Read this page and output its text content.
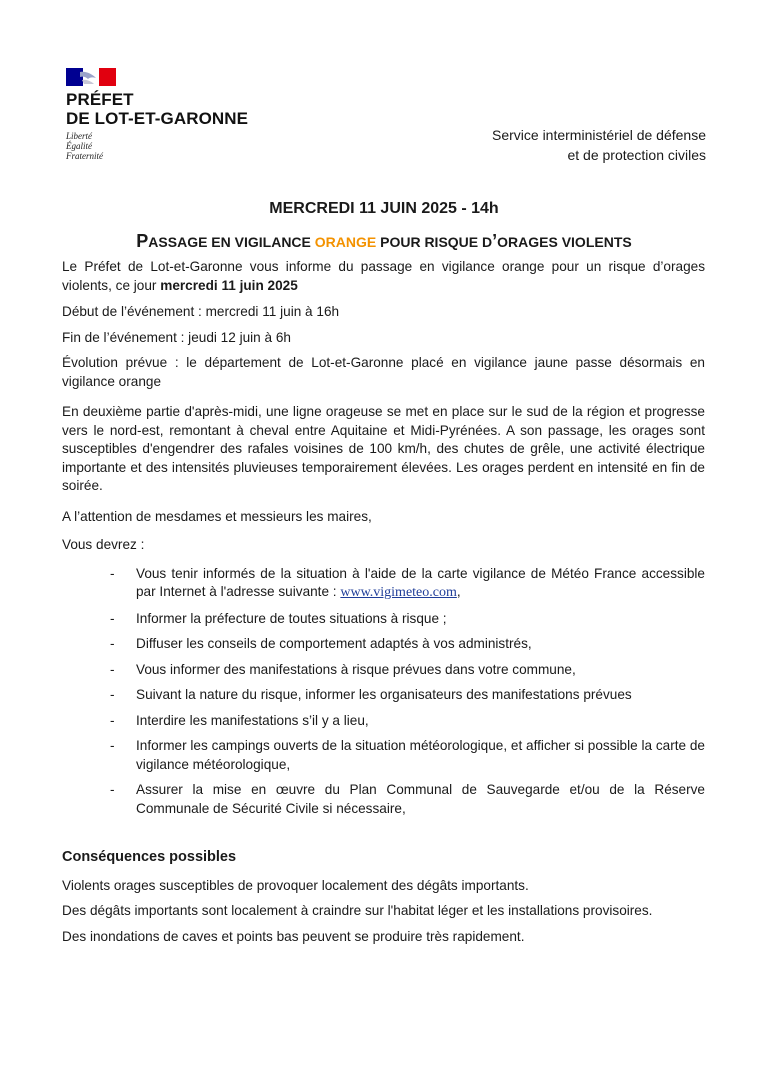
PRÉFET
DE LOT-ET-GARONNE
Liberté
Égalité
Fraternité
Service interministériel de défense
et de protection civiles
MERCREDI 11 JUIN 2025 - 14h
PASSAGE EN VIGILANCE ORANGE POUR RISQUE D’ORAGES VIOLENTS

Le Préfet de Lot-et-Garonne vous informe du passage en vigilance orange pour un risque d’orages violents, ce jour mercredi 11 juin 2025

Début de l’événement : mercredi 11 juin à 16h

Fin de l’événement : jeudi 12 juin à 6h

Évolution prévue : le département de Lot-et-Garonne placé en vigilance jaune passe désormais en vigilance orange

En deuxième partie d'après-midi, une ligne orageuse se met en place sur le sud de la région et progresse vers le nord-est, remontant à cheval entre Aquitaine et Midi-Pyrénées. A son passage, les orages sont susceptibles d'engendrer des rafales voisines de 100 km/h, des chutes de grêle, une activité électrique importante et des intensités pluvieuses temporairement élevées. Les orages perdent en intensité en fin de soirée.

A l’attention de mesdames et messieurs les maires,

Vous devrez :

- Vous tenir informés de la situation à l'aide de la carte vigilance de Météo France accessible par Internet à l'adresse suivante : www.vigimeteo.com,
- Informer la préfecture de toutes situations à risque ;
- Diffuser les conseils de comportement adaptés à vos administrés,
- Vous informer des manifestations à risque prévues dans votre commune,
- Suivant la nature du risque, informer les organisateurs des manifestations prévues
- Interdire les manifestations s’il y a lieu,
- Informer les campings ouverts de la situation météorologique, et afficher si possible la carte de vigilance météorologique,
- Assurer la mise en œuvre du Plan Communal de Sauvegarde et/ou de la Réserve Communale de Sécurité Civile si nécessaire,
Conséquences possibles

Violents orages susceptibles de provoquer localement des dégâts importants.

Des dégâts importants sont localement à craindre sur l'habitat léger et les installations provisoires.

Des inondations de caves et points bas peuvent se produire très rapidement.
